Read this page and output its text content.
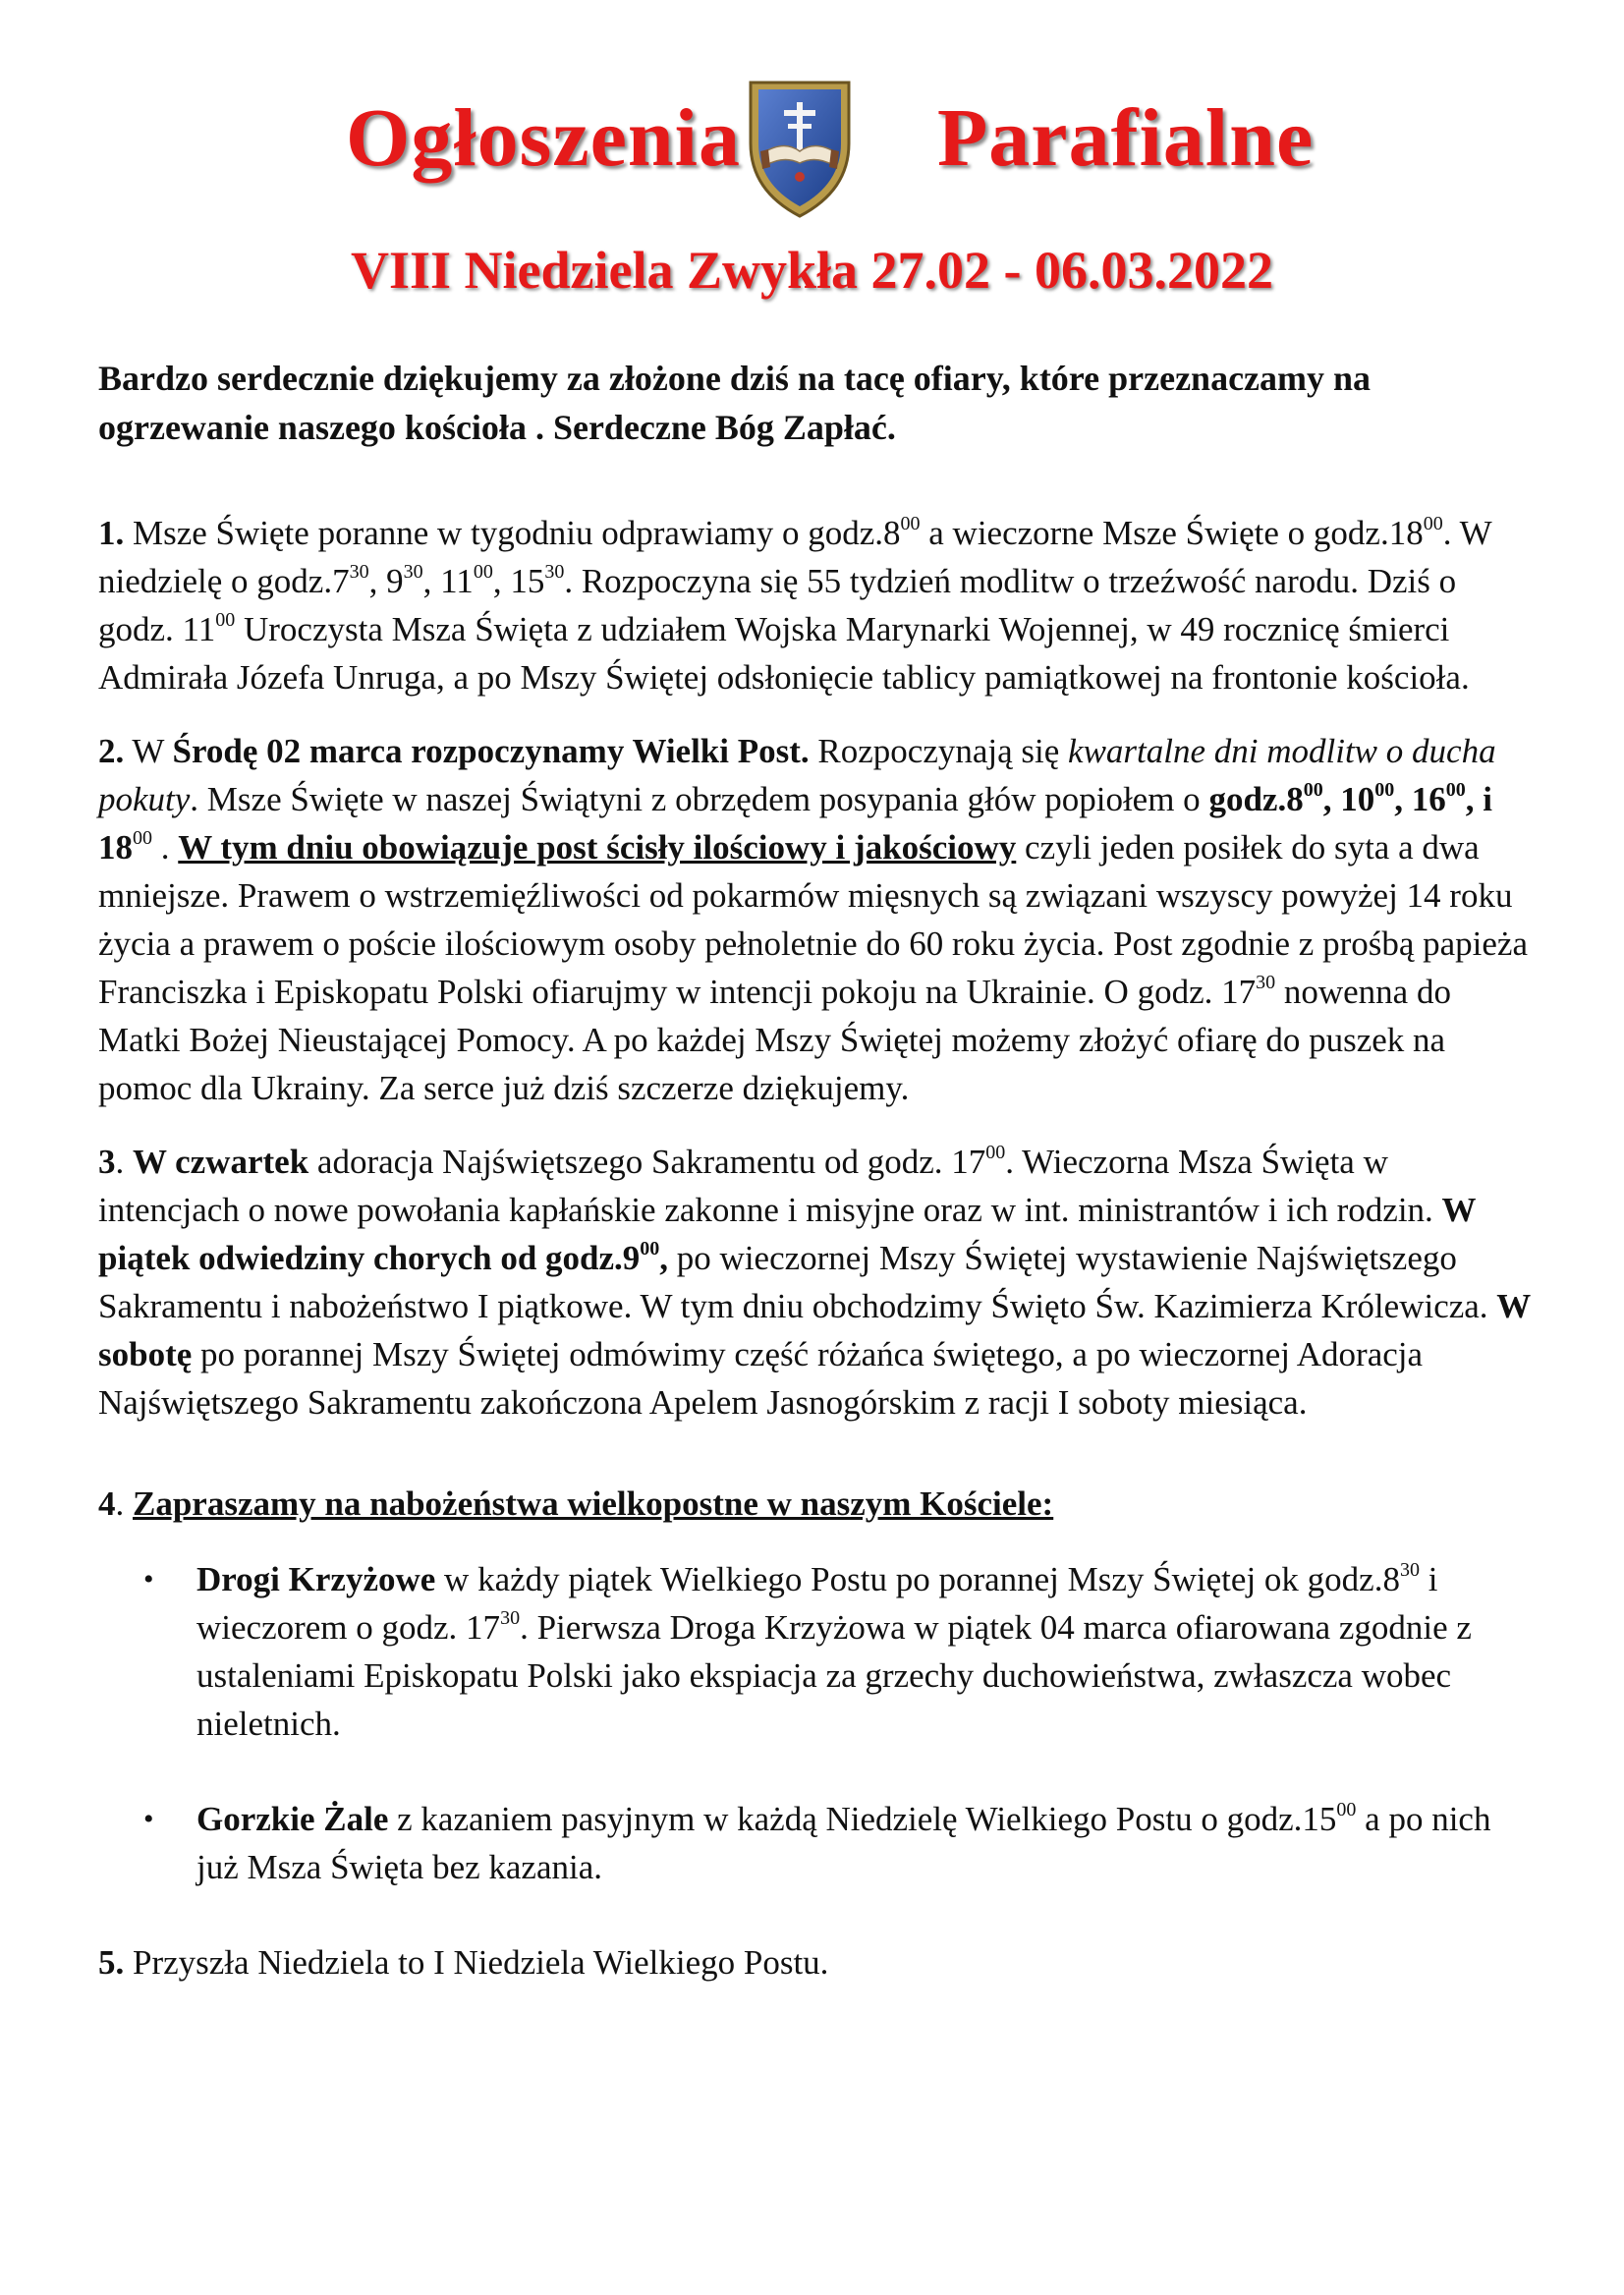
Ogłoszenia Parafialne
VIII Niedziela Zwykła 27.02 - 06.03.2022

Bardzo serdecznie dziękujemy za złożone dziś na tacę ofiary, które przeznaczamy na ogrzewanie naszego kościoła . Serdeczne Bóg Zapłać.

1. Msze Święte poranne w tygodniu odprawiamy o $godz.8^{00}$ a wieczorne Msze Święte o $godz.18^{00}$. W niedzielę o $godz.7^{30}$, $9^{30}$, $11^{00}$, $15^{30}$. Rozpoczyna się 55 tydzień modlitw o trzeźwość narodu. Dziś o godz. $11^{00}$ Uroczysta Msza Święta z udziałem Wojska Marynarki Wojennej, w 49 rocznicę śmierci Admirała Józefa Unruga, a po Mszy Świętej odsłonięcie tablicy pamiątkowej na frontonie kościoła.

2. W Środę 02 marca rozpoczynamy Wielki Post. Rozpoczynają się kwartalne dni modlitw o ducha pokuty. Msze Święte w naszej Świątyni z obrzędem posypania głów popiołem o $godz.8^{00}$, $10^{00}$, $16^{00}$, i $18^{00}$ . W tym dniu obowiązuje post ścisły ilościowy i jakościowy czyli jeden posiłek do syta a dwa mniejsze. Prawem o wstrzemięźliwości od pokarmów mięsnych są związani wszyscy powyżej 14 roku życia a prawem o poście ilościowym osoby pełnoletnie do 60 roku życia. Post zgodnie z prośbą papieża Franciszka i Episkopatu Polski ofiarujmy w intencji pokoju na Ukrainie. O godz. $17^{30}$ nowenna do Matki Bożej Nieustającej Pomocy. A po każdej Mszy Świętej możemy złożyć ofiarę do puszek na pomoc dla Ukrainy. Za serce już dziś szczerze dziękujemy.

3. W czwartek adoracja Najświętszego Sakramentu od godz. $17^{00}$. Wieczorna Msza Święta w intencjach o nowe powołania kapłańskie zakonne i misyjne oraz w int. ministrantów i ich rodzin. W piątek odwiedziny chorych od $godz.9^{00}$, po wieczornej Mszy Świętej wystawienie Najświętszego Sakramentu i nabożeństwo I piątkowe. W tym dniu obchodzimy Święto Św. Kazimierza Królewicza. W sobotę po porannej Mszy Świętej odmówimy część różańca świętego, a po wieczornej Adoracja Najświętszego Sakramentu zakończona Apelem Jasnogórskim z racji I soboty miesiąca.

4. Zapraszamy na nabożeństwa wielkopostne w naszym Kościele:

• Drogi Krzyżowe w każdy piątek Wielkiego Postu po porannej Mszy Świętej ok $godz.8^{30}$ i wieczorem o godz. $17^{30}$. Pierwsza Droga Krzyżowa w piątek 04 marca ofiarowana zgodnie z ustaleniami Episkopatu Polski jako ekspiacja za grzechy duchowieństwa, zwłaszcza wobec nieletnich.
• Gorzkie Żale z kazaniem pasyjnym w każdą Niedzielę Wielkiego Postu o $godz.15^{00}$ a po nich już Msza Święta bez kazania.

5. Przyszła Niedziela to I Niedziela Wielkiego Postu.
